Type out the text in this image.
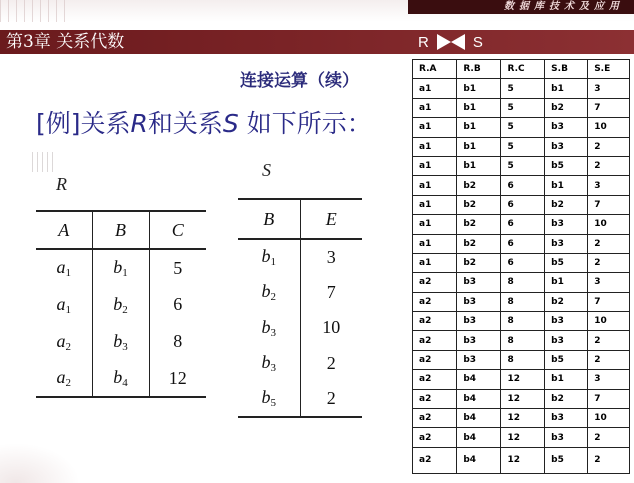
数据库技术及应用
第3章 关系代数	R	S
连接运算（续）
[例]关系R和关系S 如下所示：
R
S
A	B	C
$a_1$	$b_1$	5
$a_1$	$b_2$	6
$a_2$	$b_3$	8
$a_2$	$b_4$	12
B	E
$b_1$	3
$b_2$	7
$b_3$	10
$b_3$	2
$b_5$	2
R.A	R.B	R.C	S.B	S.E
a1	b1	5	b1	3
a1	b1	5	b2	7
a1	b1	5	b3	10
a1	b1	5	b3	2
a1	b1	5	b5	2
a1	b2	6	b1	3
a1	b2	6	b2	7
a1	b2	6	b3	10
a1	b2	6	b3	2
a1	b2	6	b5	2
a2	b3	8	b1	3
a2	b3	8	b2	7
a2	b3	8	b3	10
a2	b3	8	b3	2
a2	b3	8	b5	2
a2	b4	12	b1	3
a2	b4	12	b2	7
a2	b4	12	b3	10
a2	b4	12	b3	2
a2	b4	12	b5	2
